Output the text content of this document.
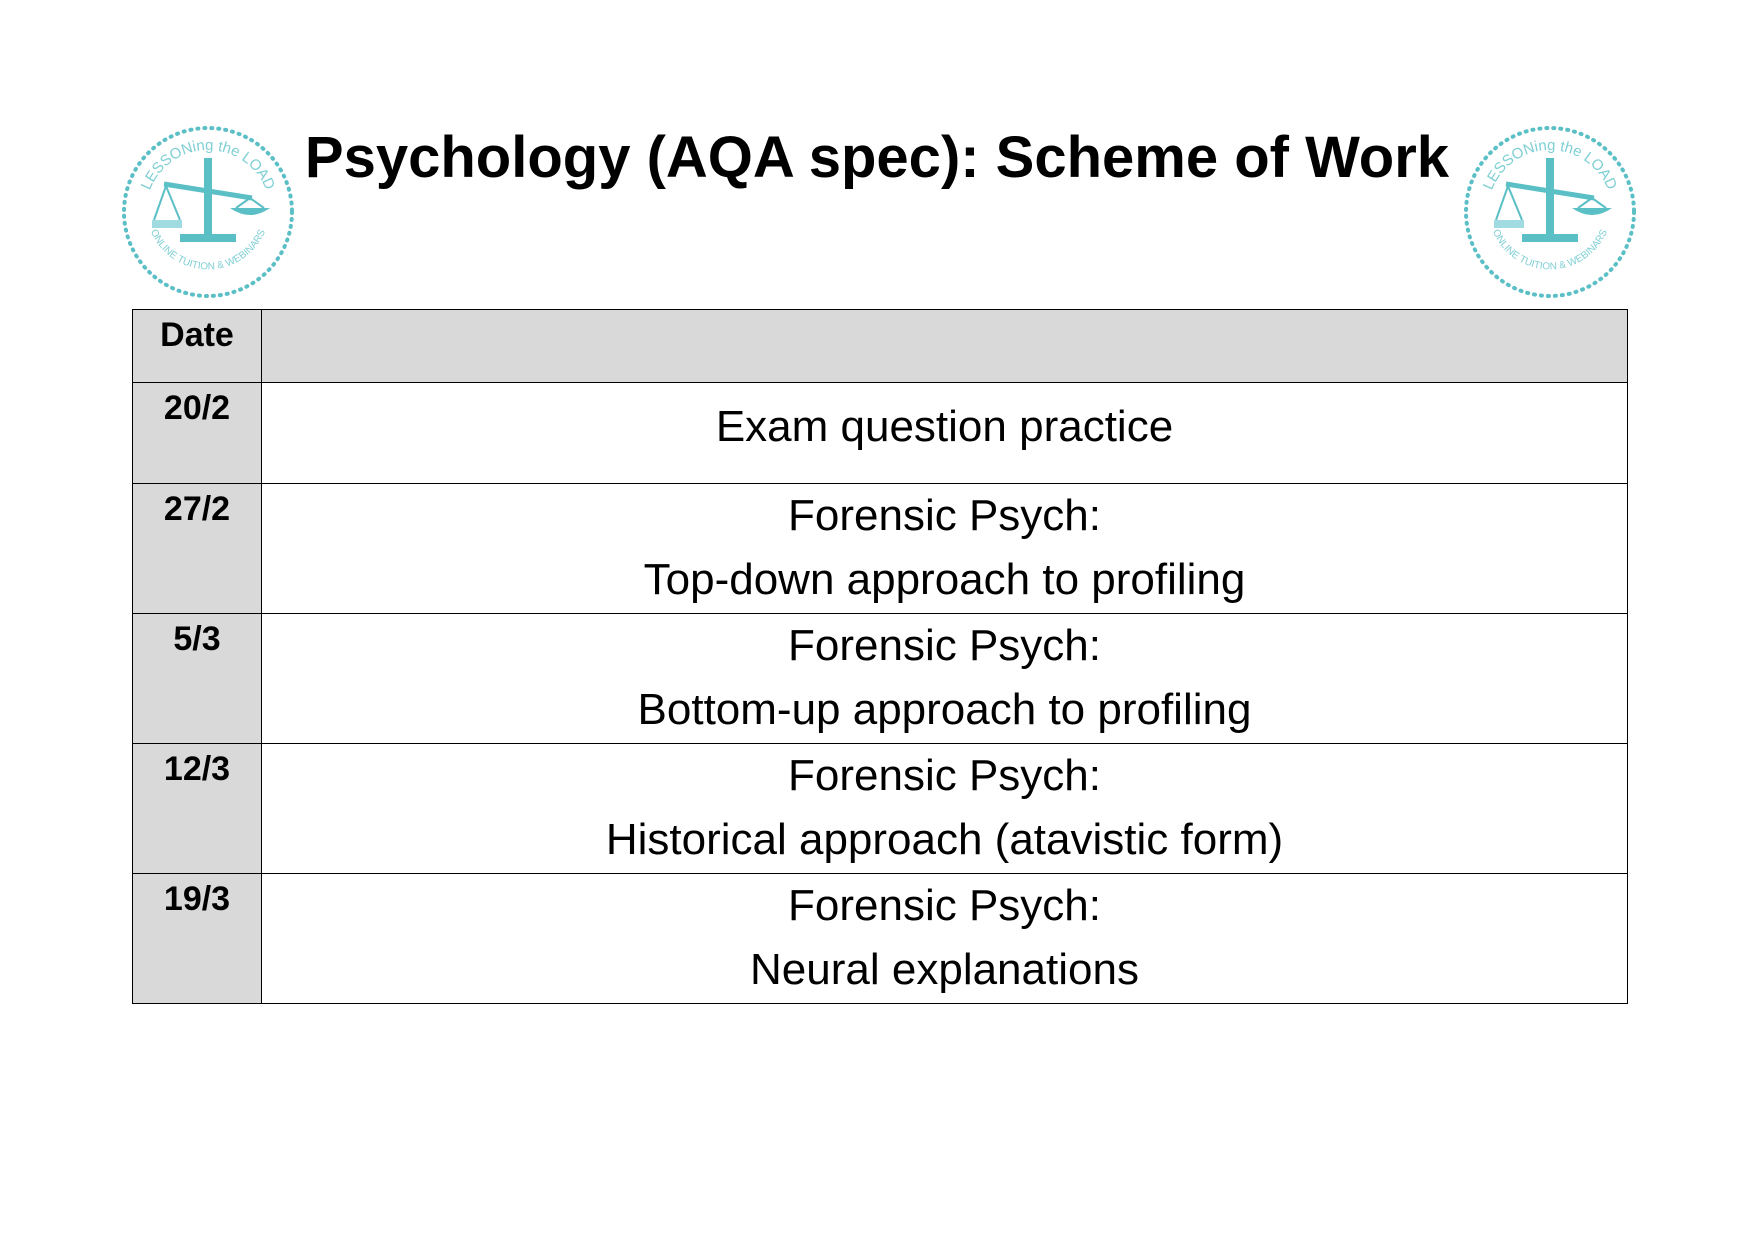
LESSONing the LOAD
ONLINE TUITION & WEBINARS
Psychology (AQA spec): Scheme of Work	LESSONing the LOAD
ONLINE TUITION & WEBINARS
Date	
20/2	Exam question practice

27/2	Forensic Psych:
Top-down approach to profiling

5/3	Forensic Psych:
Bottom-up approach to profiling

12/3	Forensic Psych:
Historical approach (atavistic form)

19/3	Forensic Psych:
Neural explanations
